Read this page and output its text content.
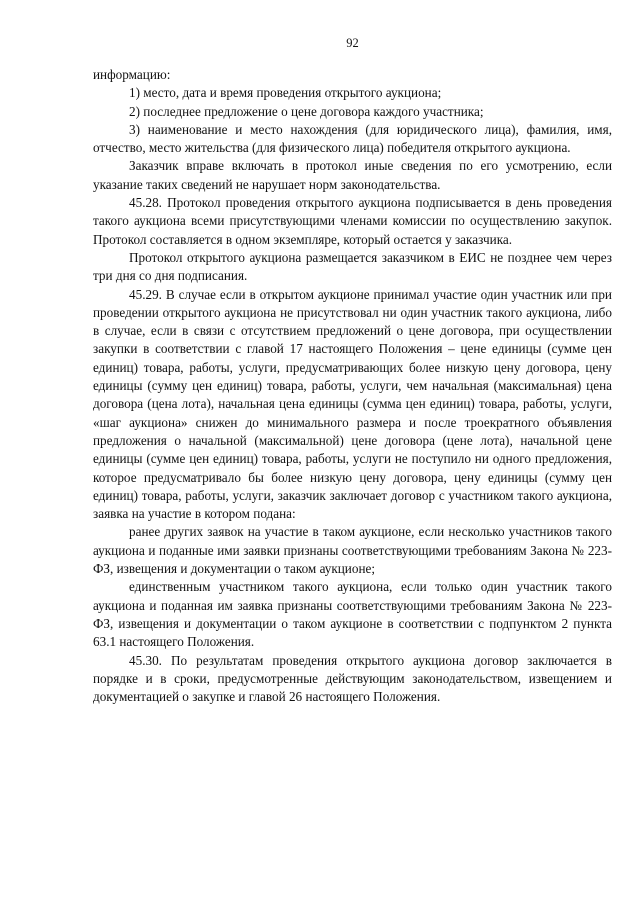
92

информацию:

1) место, дата и время проведения открытого аукциона;

2) последнее предложение о цене договора каждого участника;

3) наименование и место нахождения (для юридического лица), фамилия, имя, отчество, место жительства (для физического лица) победителя открытого аукциона.

Заказчик вправе включать в протокол иные сведения по его усмотрению, если указание таких сведений не нарушает норм законодательства.

45.28. Протокол проведения открытого аукциона подписывается в день проведения такого аукциона всеми присутствующими членами комиссии по осуществлению закупок. Протокол составляется в одном экземпляре, который остается у заказчика.

Протокол открытого аукциона размещается заказчиком в ЕИС не позднее чем через три дня со дня подписания.

45.29. В случае если в открытом аукционе принимал участие один участник или при проведении открытого аукциона не присутствовал ни один участник такого аукциона, либо в случае, если в связи с отсутствием предложений о цене договора, при осуществлении закупки в соответствии с главой 17 настоящего Положения – цене единицы (сумме цен единиц) товара, работы, услуги, предусматривающих более низкую цену договора, цену единицы (сумму цен единиц) товара, работы, услуги, чем начальная (максимальная) цена договора (цена лота), начальная цена единицы (сумма цен единиц) товара, работы, услуги, «шаг аукциона» снижен до минимального размера и после троекратного объявления предложения о начальной (максимальной) цене договора (цене лота), начальной цене единицы (сумме цен единиц) товара, работы, услуги не поступило ни одного предложения, которое предусматривало бы более низкую цену договора, цену единицы (сумму цен единиц) товара, работы, услуги, заказчик заключает договор с участником такого аукциона, заявка на участие в котором подана:

ранее других заявок на участие в таком аукционе, если несколько участников такого аукциона и поданные ими заявки признаны соответствующими требованиям Закона № 223-ФЗ, извещения и документации о таком аукционе;

единственным участником такого аукциона, если только один участник такого аукциона и поданная им заявка признаны соответствующими требованиям Закона № 223-ФЗ, извещения и документации о таком аукционе в соответствии с подпунктом 2 пункта 63.1 настоящего Положения.

45.30. По результатам проведения открытого аукциона договор заключается в порядке и в сроки, предусмотренные действующим законодательством, извещением и документацией о закупке и главой 26 настоящего Положения.
